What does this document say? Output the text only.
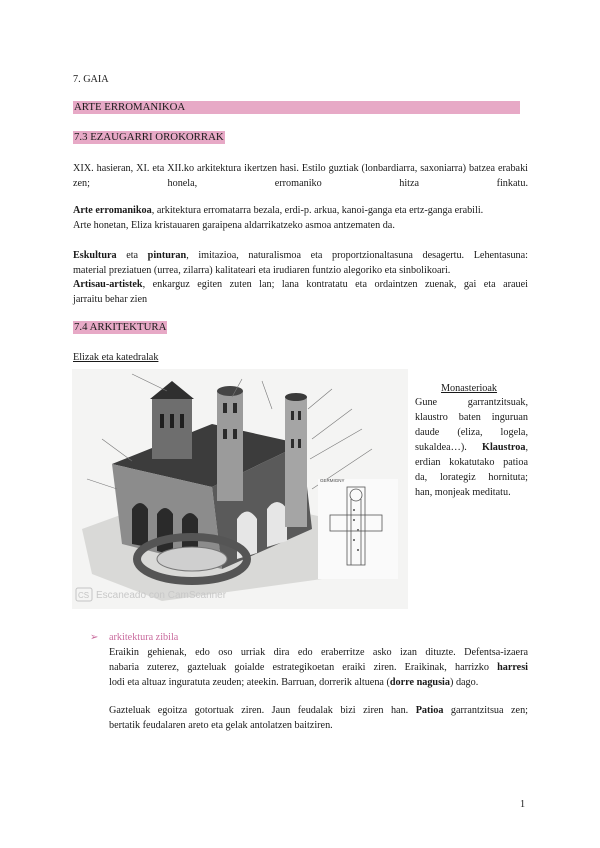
7. GAIA
ARTE ERROMANIKOA
7.3 EZAUGARRI OROKORRAK
XIX. hasieran, XI. eta XII.ko arkitektura ikertzen hasi. Estilo guztiak (lonbardiarra, saxoniarra) batzea erabaki zen; honela, erromaniko hitza finkatu.
Arte erromanikoa, arkitektura erromatarra bezala, erdi-p. arkua, kanoi-ganga eta ertz-ganga erabili.
Arte honetan, Eliza kristauaren garaipena aldarrikatzeko asmoa antzematen da.
Eskultura eta pinturan, imitazioa, naturalismoa eta proportzionaltasuna desagertu. Lehentasuna:
material preziatuen (urrea, zilarra) kalitateari eta irudiaren funtzio alegoriko eta sinbolikoari.
Artisau-artistek, enkarguz egiten zuten lan; lana kontratatu eta ordaintzen zuenak, gai eta arauei
jarraitu behar zien
7.4 ARKITEKTURA
Elizak eta katedralak
GERMIGNY
CS Escaneado con CamScanner
Monasterioak
Gune garrantzitsuak,
klaustro baten inguruan
daude (eliza, logela,
sukaldea…). Klaustroa,
erdian kokatutako patioa
da, lorategiz hornituta;
han, monjeak meditatu.
➢ arkitektura zibila
Eraikin gehienak, edo oso urriak dira edo eraberritze asko izan dituzte. Defentsa-izaera
nabaria zuterez, gazteluak goialde estrategikoetan eraiki ziren. Eraikinak, harrizko harresi
lodi eta altuaz inguratuta zeuden; ateekin. Barruan, dorrerik altuena (dorre nagusia) dago.
Gazteluak egoitza gotortuak ziren. Jaun feudalak bizi ziren han. Patioa garrantzitsua zen;
bertatik feudalaren areto eta gelak antolatzen baitziren.
1
